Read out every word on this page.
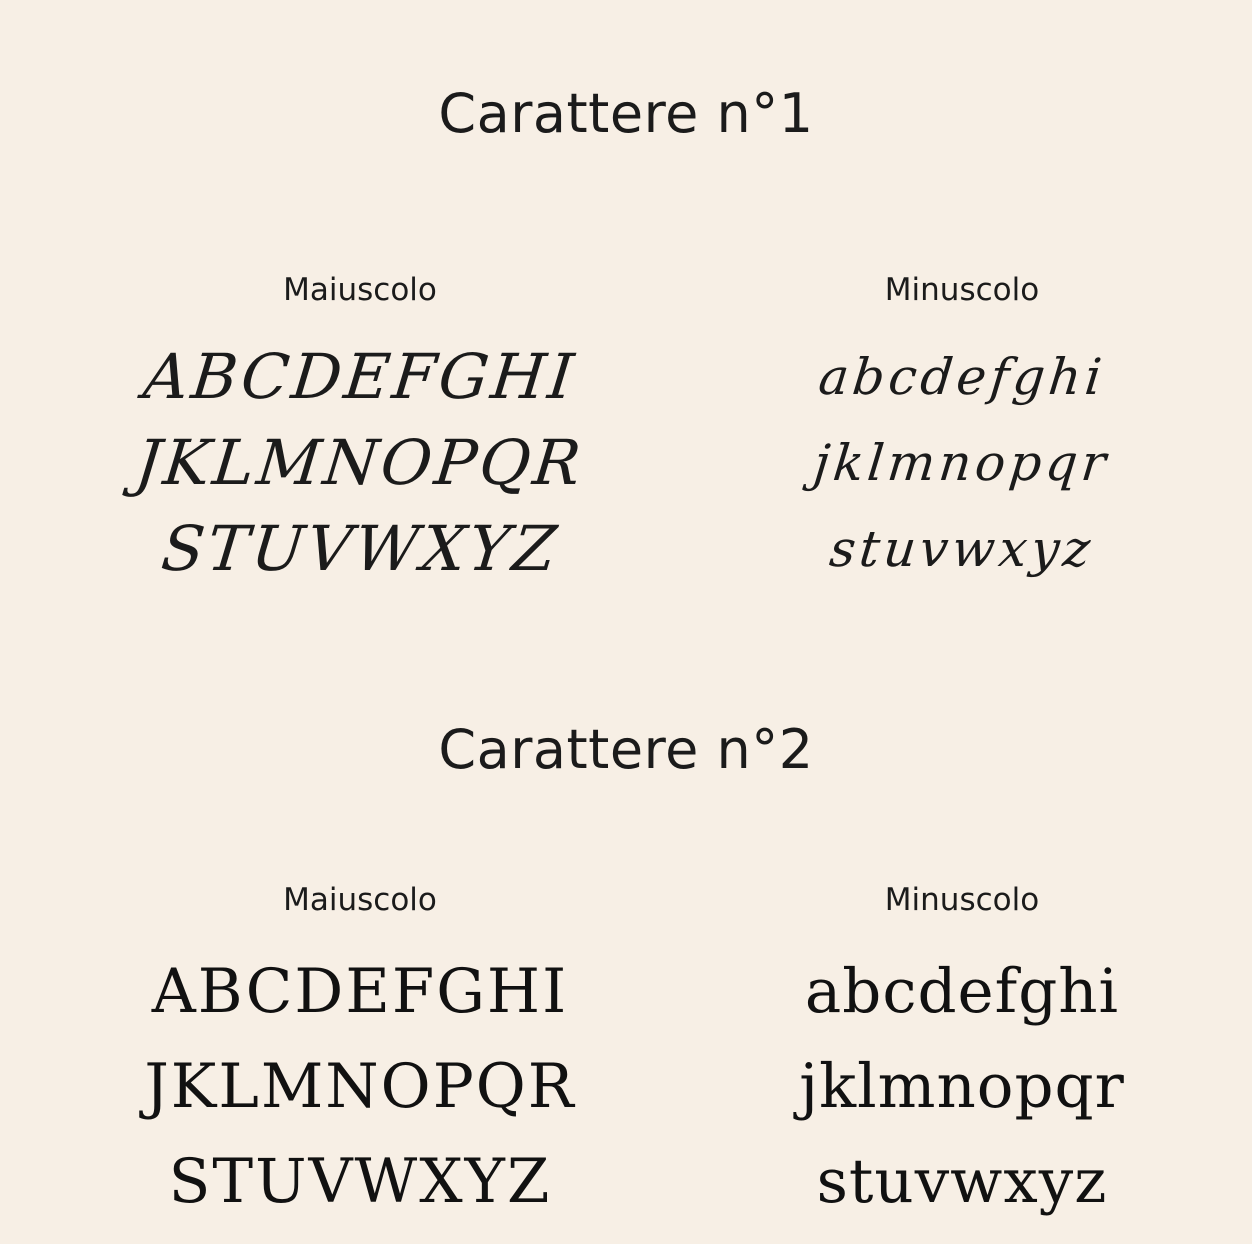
Carattere n°1
Maiuscolo
ABCDEFGHI
JKLMNOPQR
STUVWXYZ
Minuscolo
abcdefghi
jklmnopqr
stuvwxyz
Carattere n°2
Maiuscolo
ABCDEFGHI
JKLMNOPQR
STUVWXYZ
Minuscolo
abcdefghi
jklmnopqr
stuvwxyz
